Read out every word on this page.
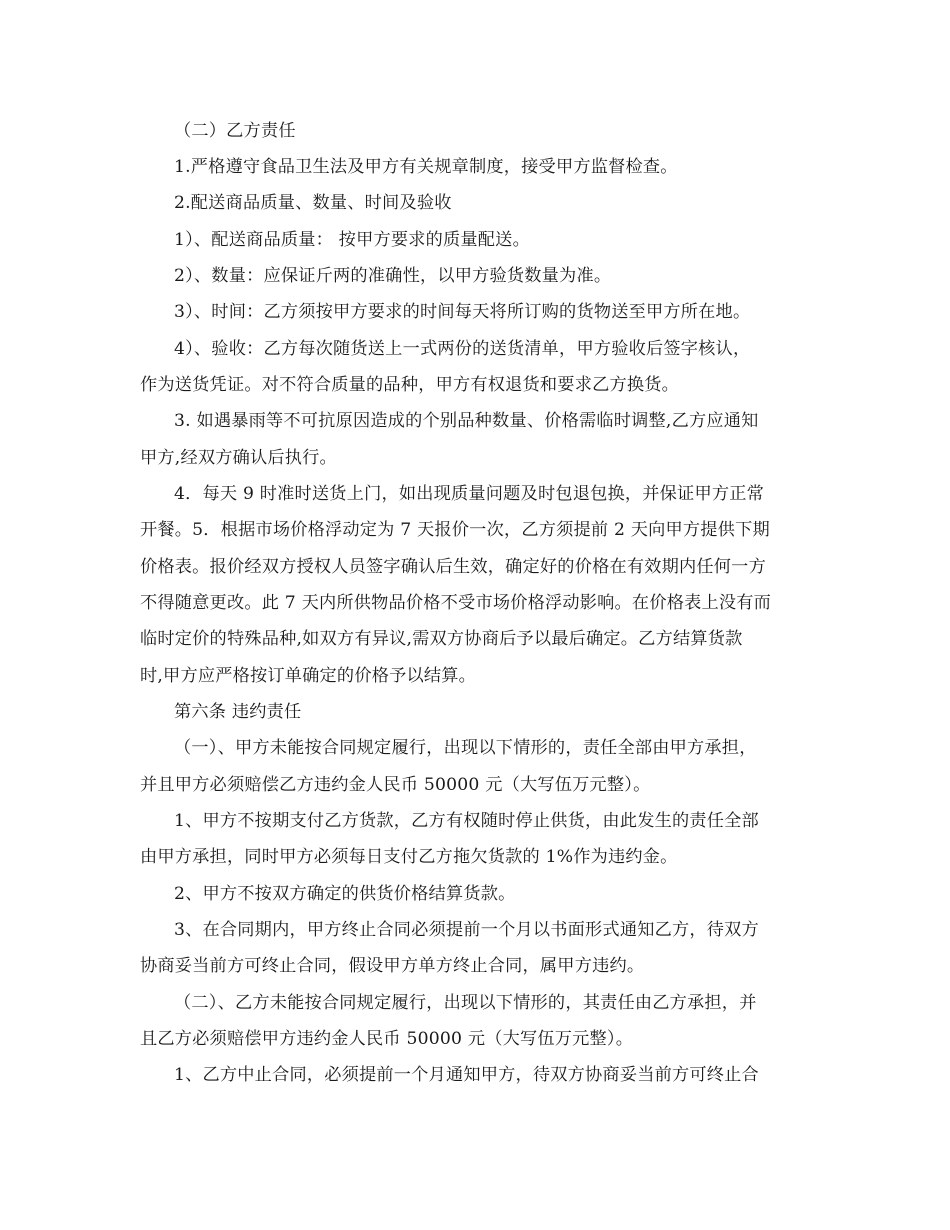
（二）乙方责任

1.严格遵守食品卫生法及甲方有关规章制度，接受甲方监督检查。

2.配送商品质量、数量、时间及验收

1）、配送商品质量： 按甲方要求的质量配送。

2）、数量：应保证斤两的准确性，以甲方验货数量为准。

3）、时间：乙方须按甲方要求的时间每天将所订购的货物送至甲方所在地。

4）、验收：乙方每次随货送上一式两份的送货清单，甲方验收后签字核认，

作为送货凭证。对不符合质量的品种，甲方有权退货和要求乙方换货。

3. 如遇暴雨等不可抗原因造成的个别品种数量、价格需临时调整,乙方应通知

甲方,经双方确认后执行。

4．每天 9 时准时送货上门，如出现质量问题及时包退包换，并保证甲方正常

开餐。5．根据市场价格浮动定为 7 天报价一次，乙方须提前 2 天向甲方提供下期

价格表。报价经双方授权人员签字确认后生效，确定好的价格在有效期内任何一方

不得随意更改。此 7 天内所供物品价格不受市场价格浮动影响。在价格表上没有而

临时定价的特殊品种,如双方有异议,需双方协商后予以最后确定。乙方结算货款

时,甲方应严格按订单确定的价格予以结算。

第六条 违约责任

（一）、甲方未能按合同规定履行，出现以下情形的，责任全部由甲方承担，

并且甲方必须赔偿乙方违约金人民币 50000 元（大写伍万元整）。

1、甲方不按期支付乙方货款，乙方有权随时停止供货，由此发生的责任全部

由甲方承担，同时甲方必须每日支付乙方拖欠货款的 1%作为违约金。

2、甲方不按双方确定的供货价格结算货款。

3、在合同期内，甲方终止合同必须提前一个月以书面形式通知乙方，待双方

协商妥当前方可终止合同，假设甲方单方终止合同，属甲方违约。

（二）、乙方未能按合同规定履行，出现以下情形的，其责任由乙方承担，并

且乙方必须赔偿甲方违约金人民币 50000 元（大写伍万元整）。

1、乙方中止合同，必须提前一个月通知甲方，待双方协商妥当前方可终止合
